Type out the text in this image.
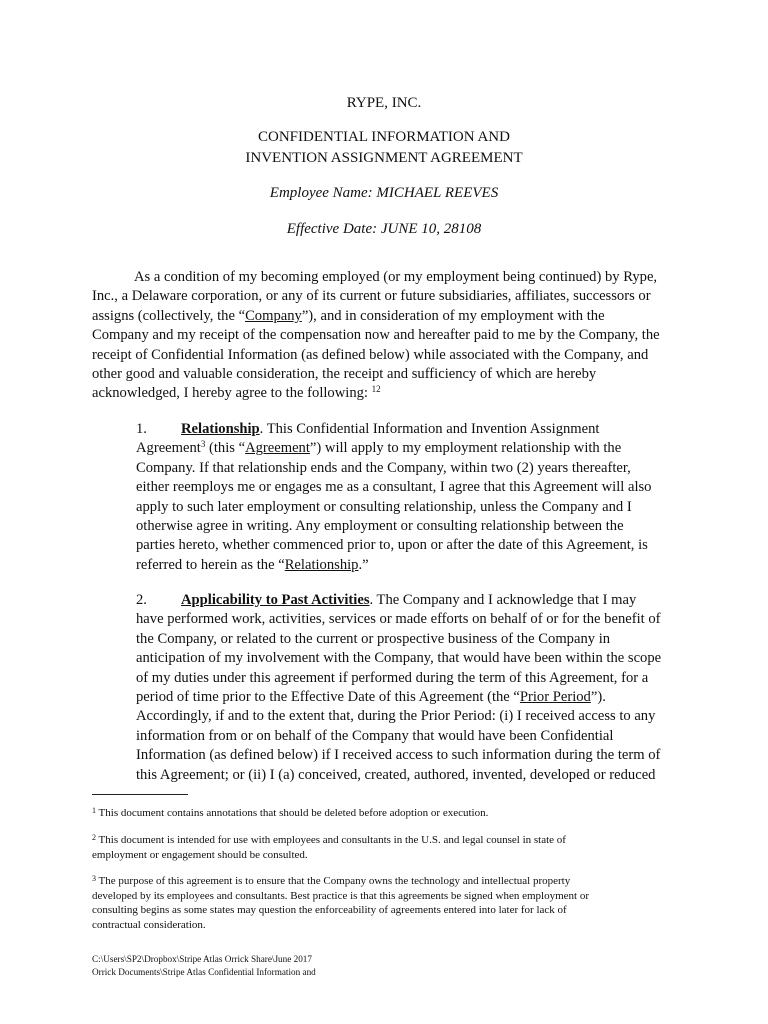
RYPE, INC.
CONFIDENTIAL INFORMATION AND
INVENTION ASSIGNMENT AGREEMENT
Employee Name: MICHAEL REEVES
Effective Date: JUNE 10, 28108
As a condition of my becoming employed (or my employment being continued) by Rype,
Inc., a Delaware corporation, or any of its current or future subsidiaries, affiliates, successors or
assigns (collectively, the “Company”), and in consideration of my employment with the
Company and my receipt of the compensation now and hereafter paid to me by the Company, the
receipt of Confidential Information (as defined below) while associated with the Company, and
other good and valuable consideration, the receipt and sufficiency of which are hereby
acknowledged, I hereby agree to the following: $^{12}$
1. Relationship. This Confidential Information and Invention Assignment
Agreement$^3$ (this “Agreement”) will apply to my employment relationship with the
Company. If that relationship ends and the Company, within two (2) years thereafter,
either reemploys me or engages me as a consultant, I agree that this Agreement will also
apply to such later employment or consulting relationship, unless the Company and I
otherwise agree in writing. Any employment or consulting relationship between the
parties hereto, whether commenced prior to, upon or after the date of this Agreement, is
referred to herein as the “Relationship.”
2. Applicability to Past Activities. The Company and I acknowledge that I may
have performed work, activities, services or made efforts on behalf of or for the benefit of
the Company, or related to the current or prospective business of the Company in
anticipation of my involvement with the Company, that would have been within the scope
of my duties under this agreement if performed during the term of this Agreement, for a
period of time prior to the Effective Date of this Agreement (the “Prior Period”).
Accordingly, if and to the extent that, during the Prior Period: (i) I received access to any
information from or on behalf of the Company that would have been Confidential
Information (as defined below) if I received access to such information during the term of
this Agreement; or (ii) I (a) conceived, created, authored, invented, developed or reduced
$^1$ This document contains annotations that should be deleted before adoption or execution.
$^2$ This document is intended for use with employees and consultants in the U.S. and legal counsel in state of
employment or engagement should be consulted.
$^3$ The purpose of this agreement is to ensure that the Company owns the technology and intellectual property
developed by its employees and consultants. Best practice is that this agreements be signed when employment or
consulting begins as some states may question the enforceability of agreements entered into later for lack of
contractual consideration.
C:\Users\SP2\Dropbox\Stripe Atlas Orrick Share\June 2017
Orrick Documents\Stripe Atlas Confidential Information and
